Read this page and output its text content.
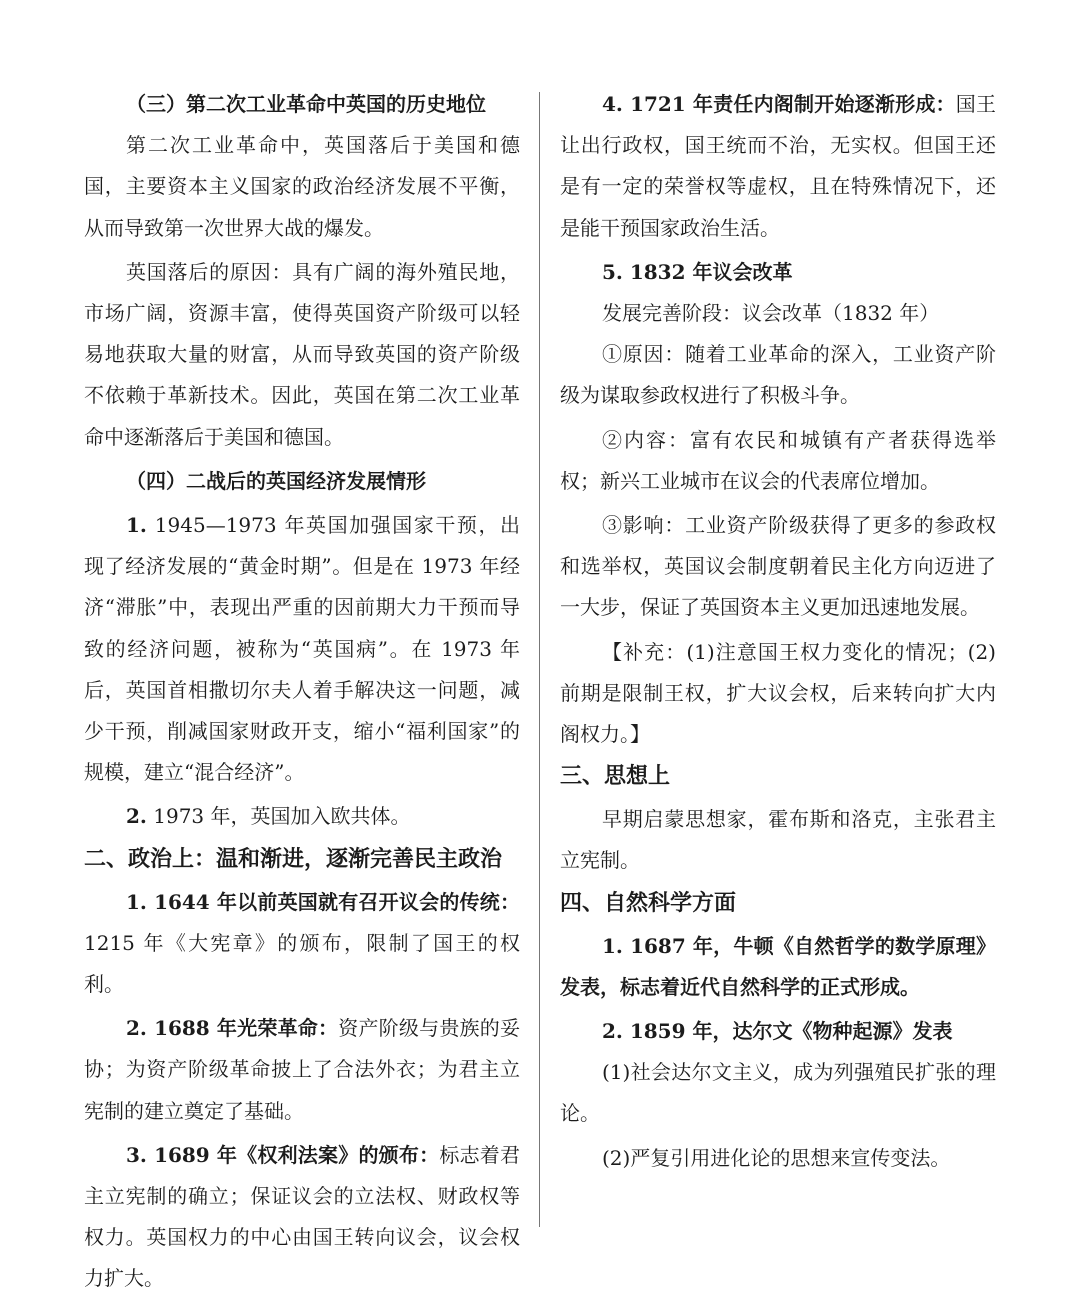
（三）第二次工业革命中英国的历史地位

第二次工业革命中，英国落后于美国和德国，主要资本主义国家的政治经济发展不平衡，从而导致第一次世界大战的爆发。

英国落后的原因：具有广阔的海外殖民地，市场广阔，资源丰富，使得英国资产阶级可以轻易地获取大量的财富，从而导致英国的资产阶级不依赖于革新技术。因此，英国在第二次工业革命中逐渐落后于美国和德国。

（四）二战后的英国经济发展情形

1. 1945—1973 年英国加强国家干预，出现了经济发展的“黄金时期”。但是在 1973 年经济“滞胀”中，表现出严重的因前期大力干预而导致的经济问题，被称为“英国病”。在 1973 年后，英国首相撒切尔夫人着手解决这一问题，减少干预，削减国家财政开支，缩小“福利国家”的规模，建立“混合经济”。

2. 1973 年，英国加入欧共体。

二、政治上：温和渐进，逐渐完善民主政治

1. 1644 年以前英国就有召开议会的传统：1215 年《大宪章》的颁布，限制了国王的权利。

2. 1688 年光荣革命：资产阶级与贵族的妥协；为资产阶级革命披上了合法外衣；为君主立宪制的建立奠定了基础。

3. 1689 年《权利法案》的颁布：标志着君主立宪制的确立；保证议会的立法权、财政权等权力。英国权力的中心由国王转向议会，议会权力扩大。

4. 1721 年责任内阁制开始逐渐形成：国王让出行政权，国王统而不治，无实权。但国王还是有一定的荣誉权等虚权，且在特殊情况下，还是能干预国家政治生活。

5. 1832 年议会改革

发展完善阶段：议会改革（1832 年）

①原因：随着工业革命的深入，工业资产阶级为谋取参政权进行了积极斗争。

②内容：富有农民和城镇有产者获得选举权；新兴工业城市在议会的代表席位增加。

③影响：工业资产阶级获得了更多的参政权和选举权，英国议会制度朝着民主化方向迈进了一大步，保证了英国资本主义更加迅速地发展。

【补充：(1)注意国王权力变化的情况；(2)前期是限制王权，扩大议会权，后来转向扩大内阁权力。】

三、思想上

早期启蒙思想家，霍布斯和洛克，主张君主立宪制。

四、自然科学方面

1. 1687 年，牛顿《自然哲学的数学原理》发表，标志着近代自然科学的正式形成。

2. 1859 年，达尔文《物种起源》发表

(1)社会达尔文主义，成为列强殖民扩张的理论。

(2)严复引用进化论的思想来宣传变法。
